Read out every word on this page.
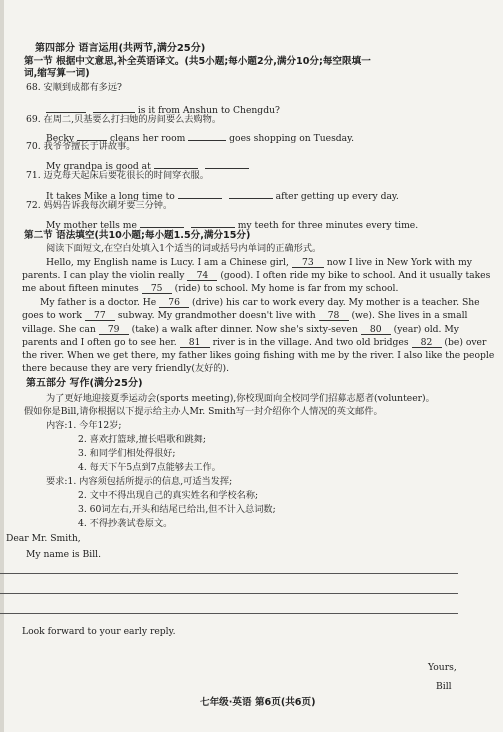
第四部分 语言运用(共两节,满分25分)
第一节 根据中文意思,补全英语译文。(共5小题;每小题2分,满分10分;每空限填一
词,缩写算一词)
68. 安顺到成都有多远?
is it from Anshun to Chengdu?
69. 在周二,贝基要么打扫她的房间要么去购物。
Becky	cleans her room	goes shopping on Tuesday.
70. 我爷爷擅长于讲故事。
My grandpa is good at
71. 迈克每天起床后要花很长的时间穿衣服。
It takes Mike a long time to	after getting up every day.
72. 妈妈告诉我每次刷牙要三分钟。
My mother tells me	my teeth for three minutes every time.
第二节 语法填空(共10小题;每小题1.5分,满分15分)
阅读下面短文,在空白处填入1个适当的词或括号内单词的正确形式。
Hello, my English name is Lucy. I am a Chinese girl, 73 now I live in New York with my
parents. I can play the violin really 74 (good). I often ride my bike to school. And it usually takes
me about fifteen minutes 75 (ride) to school. My home is far from my school.
My father is a doctor. He 76 (drive) his car to work every day. My mother is a teacher. She
goes to work 77 subway. My grandmother doesn't live with 78 (we). She lives in a small
village. She can 79 (take) a walk after dinner. Now she's sixty-seven 80 (year) old. My
parents and I often go to see her. 81 river is in the village. And two old bridges 82 (be) over
the river. When we get there, my father likes going fishing with me by the river. I also like the people
there because they are very friendly(友好的).
第五部分 写作(满分25分)
为了更好地迎接夏季运动会(sports meeting),你校现面向全校同学们招募志愿者(volunteer)。
假如你是Bill,请你根据以下提示给主办人Mr. Smith写一封介绍你个人情况的英文邮件。
内容:1. 今年12岁;
2. 喜欢打篮球,擅长唱歌和跳舞;
3. 和同学们相处得很好;
4. 每天下午5点到7点能够去工作。
要求:1. 内容须包括所提示的信息,可适当发挥;
2. 文中不得出现自己的真实姓名和学校名称;
3. 60词左右,开头和结尾已给出,但不计入总词数;
4. 不得抄袭试卷原文。
Dear Mr. Smith,
My name is Bill.
Look forward to your early reply.
Yours,
Bill
七年级·英语 第6页(共6页)
